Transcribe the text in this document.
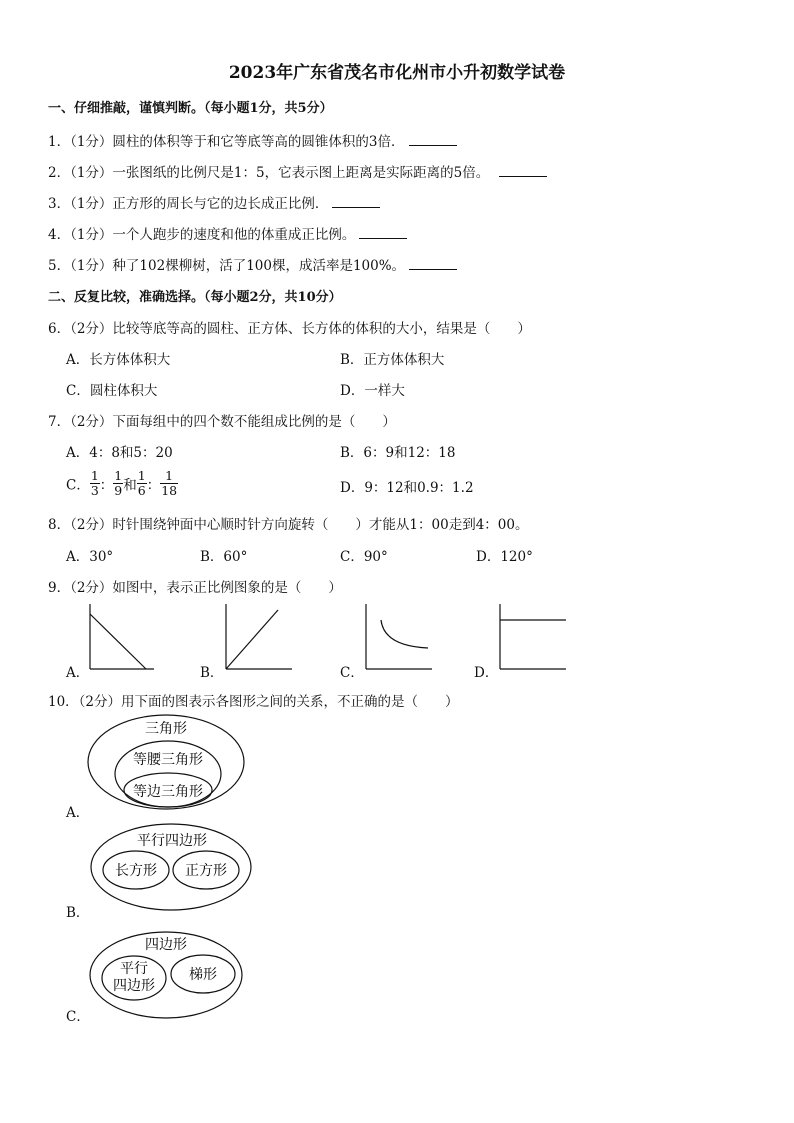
2023年广东省茂名市化州市小升初数学试卷
一、仔细推敲，谨慎判断。（每小题1分，共5分）
1．（1分）圆柱的体积等于和它等底等高的圆锥体积的3倍．
2．（1分）一张图纸的比例尺是1：5，它表示图上距离是实际距离的5倍。
3．（1分）正方形的周长与它的边长成正比例．
4．（1分）一个人跑步的速度和他的体重成正比例。
5．（1分）种了102棵柳树，活了100棵，成活率是100%。
二、反复比较，准确选择。（每小题2分，共10分）
6．（2分）比较等底等高的圆柱、正方体、长方体的体积的大小，结果是（　　）
A．长方体体积大	B．正方体体积大
C．圆柱体积大	D．一样大
7．（2分）下面每组中的四个数不能组成比例的是（　　）
A．4：8和5：20	B．6：9和12：18
C． $\frac{1}{3}$ ： $\frac{1}{9}$ 和 $\frac{1}{6}$ ： $\frac{1}{18}$	D．9：12和0.9：1.2
8．（2分）时针围绕钟面中心顺时针方向旋转（　　）才能从1：00走到4：00。
A．30°	B．60°	C．90°	D．120°
9．（2分）如图中，表示正比例图象的是（　　）
A．	B．	C．	D．
10．（2分）用下面的图表示各图形之间的关系，不正确的是（　　）
A．
三角形
等腰三角形
等边三角形
B．
平行四边形
长方形 正方形
C．
四边形
平行
四边形
梯形
